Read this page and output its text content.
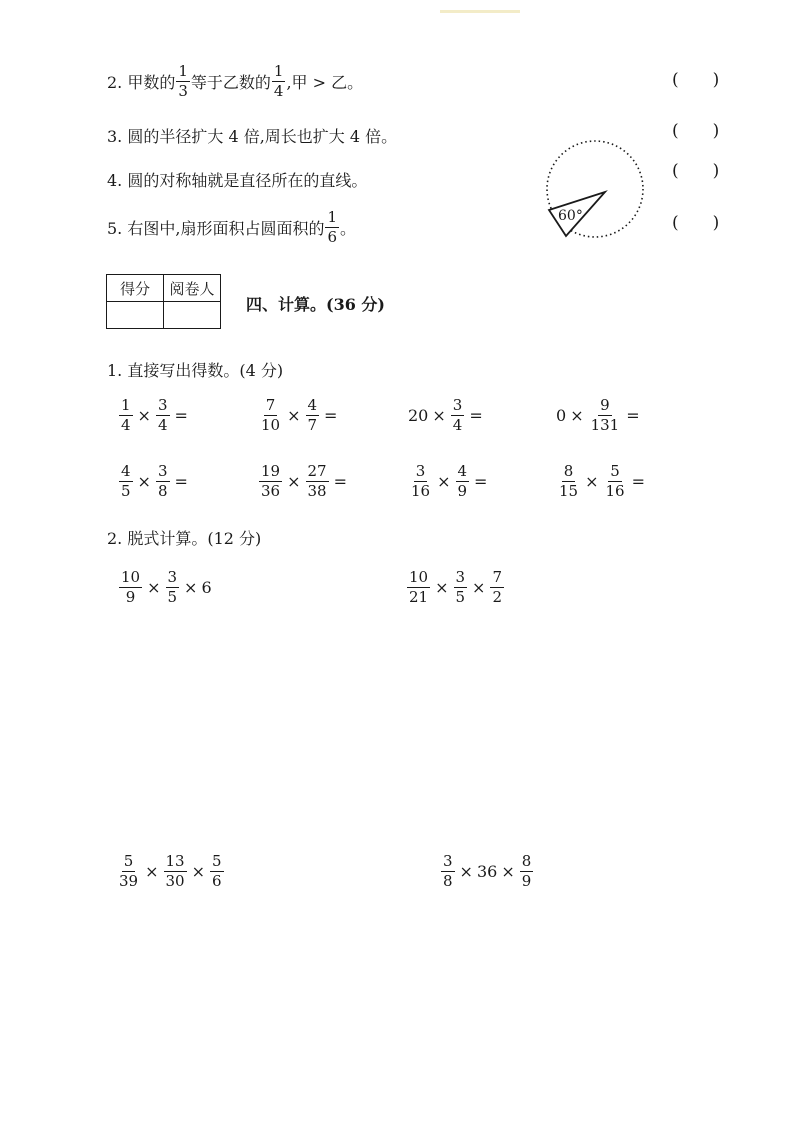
2. 甲数的 $\frac{1}{3}$ 等于乙数的 $\frac{1}{4}$ ,甲 > 乙。	( )
3. 圆的半径扩大 4 倍,周长也扩大 4 倍。	( )
4. 圆的对称轴就是直径所在的直线。	( )
5. 右图中,扇形面积占圆面积的 $\frac{1}{6}$ 。	( )
60°
得分	阅卷人

四、计算。(36 分)
1. 直接写出得数。(4 分)
$\frac{1}{4} \times \frac{3}{4}$ =	$\frac{7}{10} \times \frac{4}{7}$ =	$20 \times \frac{3}{4}$ =	$0 \times \frac{9}{131}$ =
$\frac{4}{5} \times \frac{3}{8}$ =	$\frac{19}{36} \times \frac{27}{38}$ =	$\frac{3}{16} \times \frac{4}{9}$ =	$\frac{8}{15} \times \frac{5}{16}$ =
2. 脱式计算。(12 分)
$\frac{10}{9} \times \frac{3}{5} \times 6$	$\frac{10}{21} \times \frac{3}{5} \times \frac{7}{2}$
$\frac{5}{39} \times \frac{13}{30} \times \frac{5}{6}$	$\frac{3}{8} \times 36 \times \frac{8}{9}$
